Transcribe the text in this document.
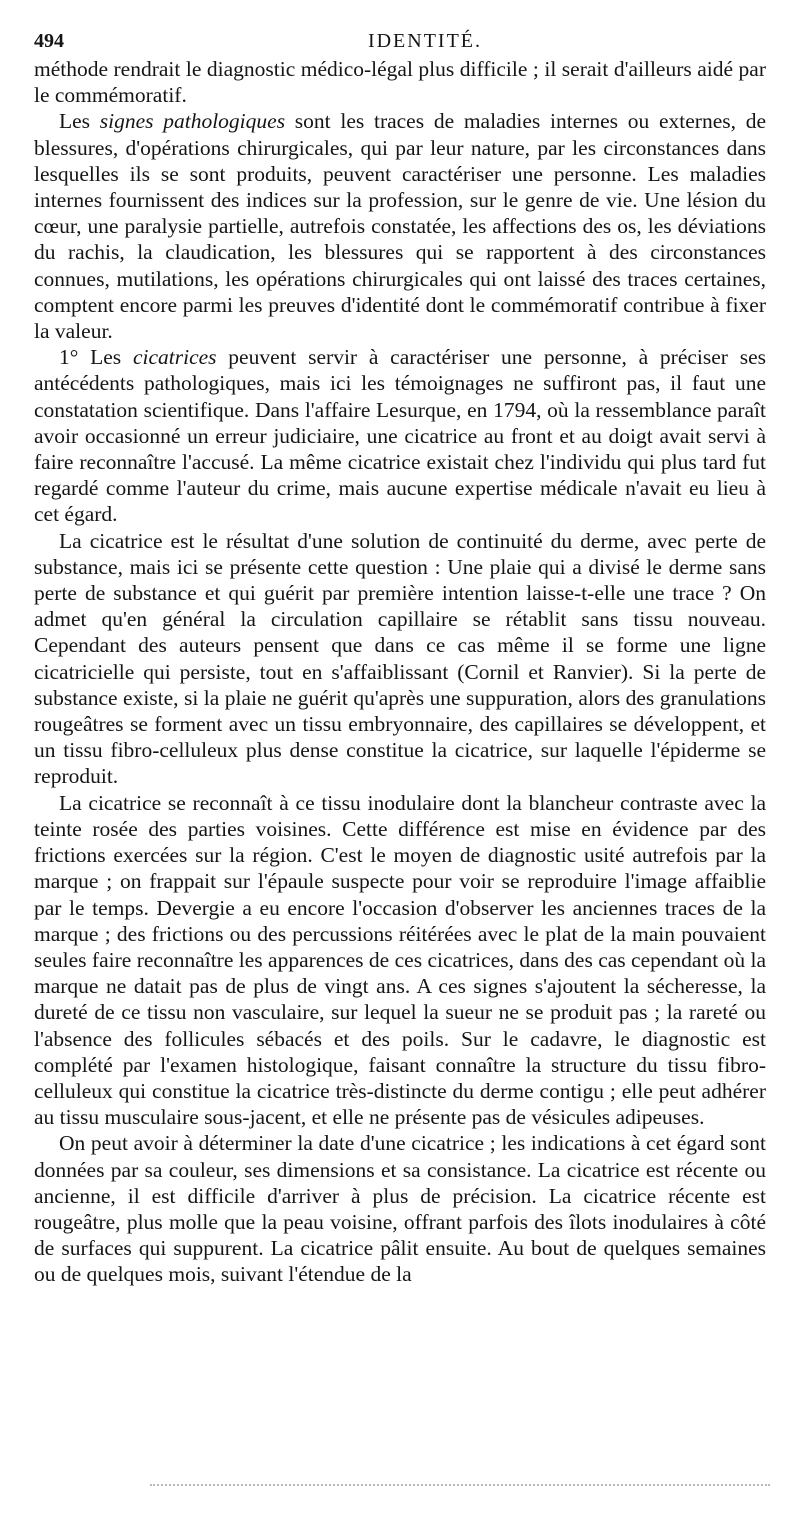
494	IDENTITÉ.

méthode rendrait le diagnostic médico-légal plus difficile ; il serait d'ailleurs aidé par le commémoratif.

Les signes pathologiques sont les traces de maladies internes ou externes, de blessures, d'opérations chirurgicales, qui par leur nature, par les circonstances dans lesquelles ils se sont produits, peuvent caractériser une personne. Les maladies internes fournissent des indices sur la profession, sur le genre de vie. Une lésion du cœur, une paralysie partielle, autrefois constatée, les affections des os, les déviations du rachis, la claudication, les blessures qui se rapportent à des circonstances connues, mutilations, les opérations chirurgicales qui ont laissé des traces certaines, comptent encore parmi les preuves d'identité dont le commémoratif contribue à fixer la valeur.

1° Les cicatrices peuvent servir à caractériser une personne, à préciser ses antécédents pathologiques, mais ici les témoignages ne suffiront pas, il faut une constatation scientifique. Dans l'affaire Lesurque, en 1794, où la ressemblance paraît avoir occasionné un erreur judiciaire, une cicatrice au front et au doigt avait servi à faire reconnaître l'accusé. La même cicatrice existait chez l'individu qui plus tard fut regardé comme l'auteur du crime, mais aucune expertise médicale n'avait eu lieu à cet égard.

La cicatrice est le résultat d'une solution de continuité du derme, avec perte de substance, mais ici se présente cette question : Une plaie qui a divisé le derme sans perte de substance et qui guérit par première intention laisse-t-elle une trace ? On admet qu'en général la circulation capillaire se rétablit sans tissu nouveau. Cependant des auteurs pensent que dans ce cas même il se forme une ligne cicatricielle qui persiste, tout en s'affaiblissant (Cornil et Ranvier). Si la perte de substance existe, si la plaie ne guérit qu'après une suppuration, alors des granulations rougeâtres se forment avec un tissu embryonnaire, des capillaires se développent, et un tissu fibro-celluleux plus dense constitue la cicatrice, sur laquelle l'épiderme se reproduit.

La cicatrice se reconnaît à ce tissu inodulaire dont la blancheur contraste avec la teinte rosée des parties voisines. Cette différence est mise en évidence par des frictions exercées sur la région. C'est le moyen de diagnostic usité autrefois par la marque ; on frappait sur l'épaule suspecte pour voir se reproduire l'image affaiblie par le temps. Devergie a eu encore l'occasion d'observer les anciennes traces de la marque ; des frictions ou des percussions réitérées avec le plat de la main pouvaient seules faire reconnaître les apparences de ces cicatrices, dans des cas cependant où la marque ne datait pas de plus de vingt ans. A ces signes s'ajoutent la sécheresse, la dureté de ce tissu non vasculaire, sur lequel la sueur ne se produit pas ; la rareté ou l'absence des follicules sébacés et des poils. Sur le cadavre, le diagnostic est complété par l'examen histologique, faisant connaître la structure du tissu fibro-celluleux qui constitue la cicatrice très-distincte du derme contigu ; elle peut adhérer au tissu musculaire sous-jacent, et elle ne présente pas de vésicules adipeuses.

On peut avoir à déterminer la date d'une cicatrice ; les indications à cet égard sont données par sa couleur, ses dimensions et sa consistance. La cicatrice est récente ou ancienne, il est difficile d'arriver à plus de précision. La cicatrice récente est rougeâtre, plus molle que la peau voisine, offrant parfois des îlots inodulaires à côté de surfaces qui suppurent. La cicatrice pâlit ensuite. Au bout de quelques semaines ou de quelques mois, suivant l'étendue de la
